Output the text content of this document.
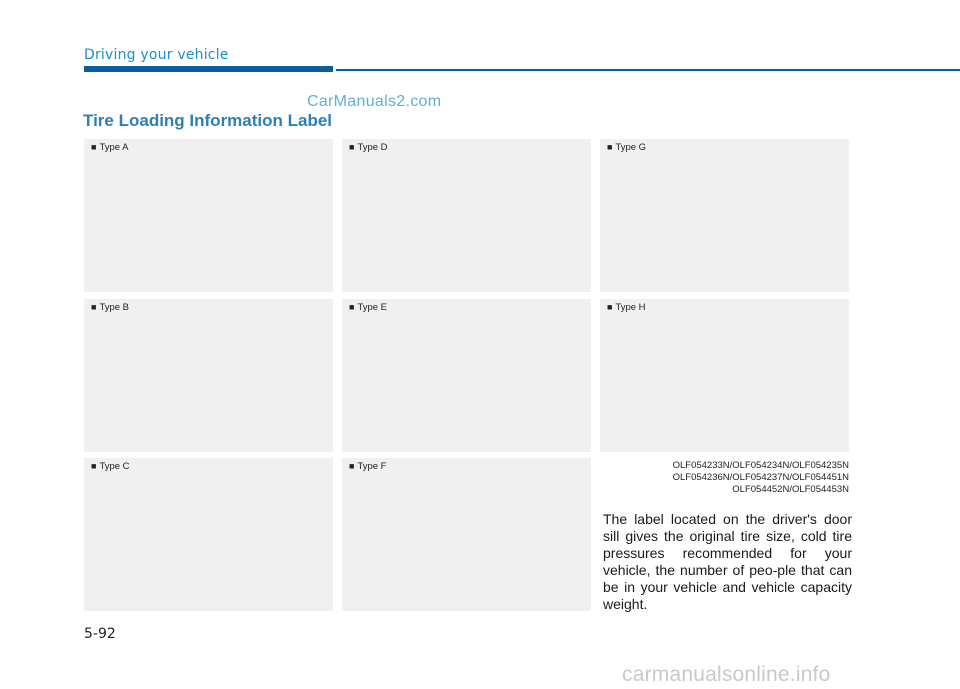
Driving your vehicle
CarManuals2.com
Tire Loading Information Label
■ Type A
■ Type B
■ Type C
■ Type D
■ Type E
■ Type F
■ Type G
■ Type H
OLF054233N/OLF054234N/OLF054235N
OLF054236N/OLF054237N/OLF054451N
OLF054452N/OLF054453N
The label located on the driver's door sill gives the original tire size, cold tire pressures recommended for your vehicle, the number of peo-ple that can be in your vehicle and vehicle capacity weight.
5-92
carmanualsonline.info
